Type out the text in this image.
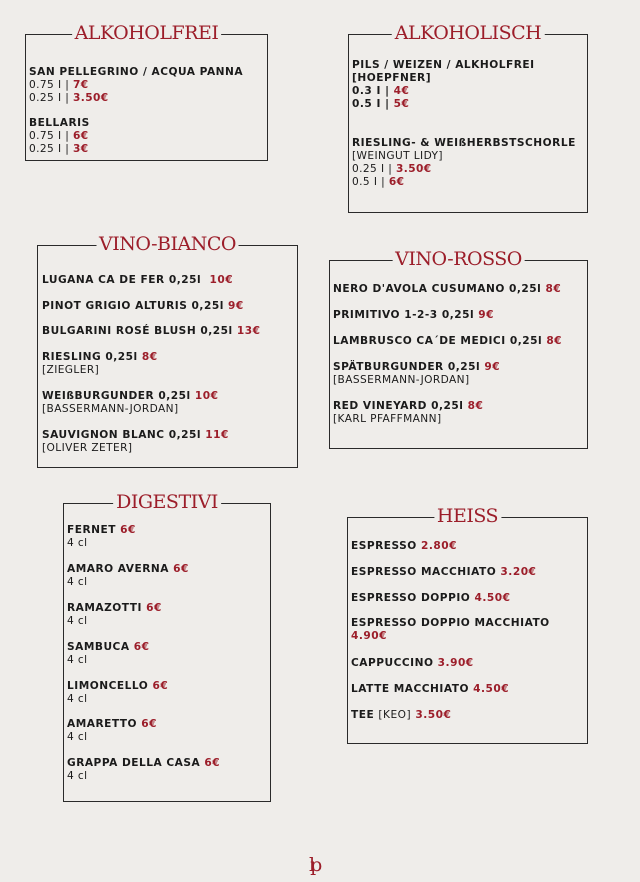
ALKOHOLFREI
SAN PELLEGRINO / ACQUA PANNA
0.75 I | 7€
0.25 I | 3.50€
BELLARIS
0.75 I | 6€
0.25 I | 3€
ALKOHOLISCH
PILS / WEIZEN / ALKHOLFREI
[HOEPFNER]
0.3 I | 4€
0.5 I | 5€
RIESLING- & WEIßHERBSTSCHORLE
[WEINGUT LIDY]
0.25 I | 3.50€
0.5 I | 6€
VINO-BIANCO
LUGANA CA DE FER 0,25l 10€
PINOT GRIGIO ALTURIS 0,25l 9€
BULGARINI ROSÉ BLUSH 0,25l 13€
RIESLING 0,25l 8€
[ZIEGLER]
WEIßBURGUNDER 0,25l 10€
[BASSERMANN-JORDAN]
SAUVIGNON BLANC 0,25l 11€
[OLIVER ZETER]
VINO-ROSSO
NERO D'AVOLA CUSUMANO 0,25l 8€
PRIMITIVO 1-2-3 0,25l 9€
LAMBRUSCO CA´DE MEDICI 0,25l 8€
SPÄTBURGUNDER 0,25l 9€
[BASSERMANN-JORDAN]
RED VINEYARD 0,25l 8€
[KARL PFAFFMANN]
DIGESTIVI
FERNET 6€
4 cl
AMARO AVERNA 6€
4 cl
RAMAZOTTI 6€
4 cl
SAMBUCA 6€
4 cl
LIMONCELLO 6€
4 cl
AMARETTO 6€
4 cl
GRAPPA DELLA CASA 6€
4 cl
HEISS
ESPRESSO 2.80€
ESPRESSO MACCHIATO 3.20€
ESPRESSO DOPPIO 4.50€
ESPRESSO DOPPIO MACCHIATO
4.90€
CAPPUCCINO 3.90€
LATTE MACCHIATO 4.50€
TEE [KEO] 3.50€
lp
